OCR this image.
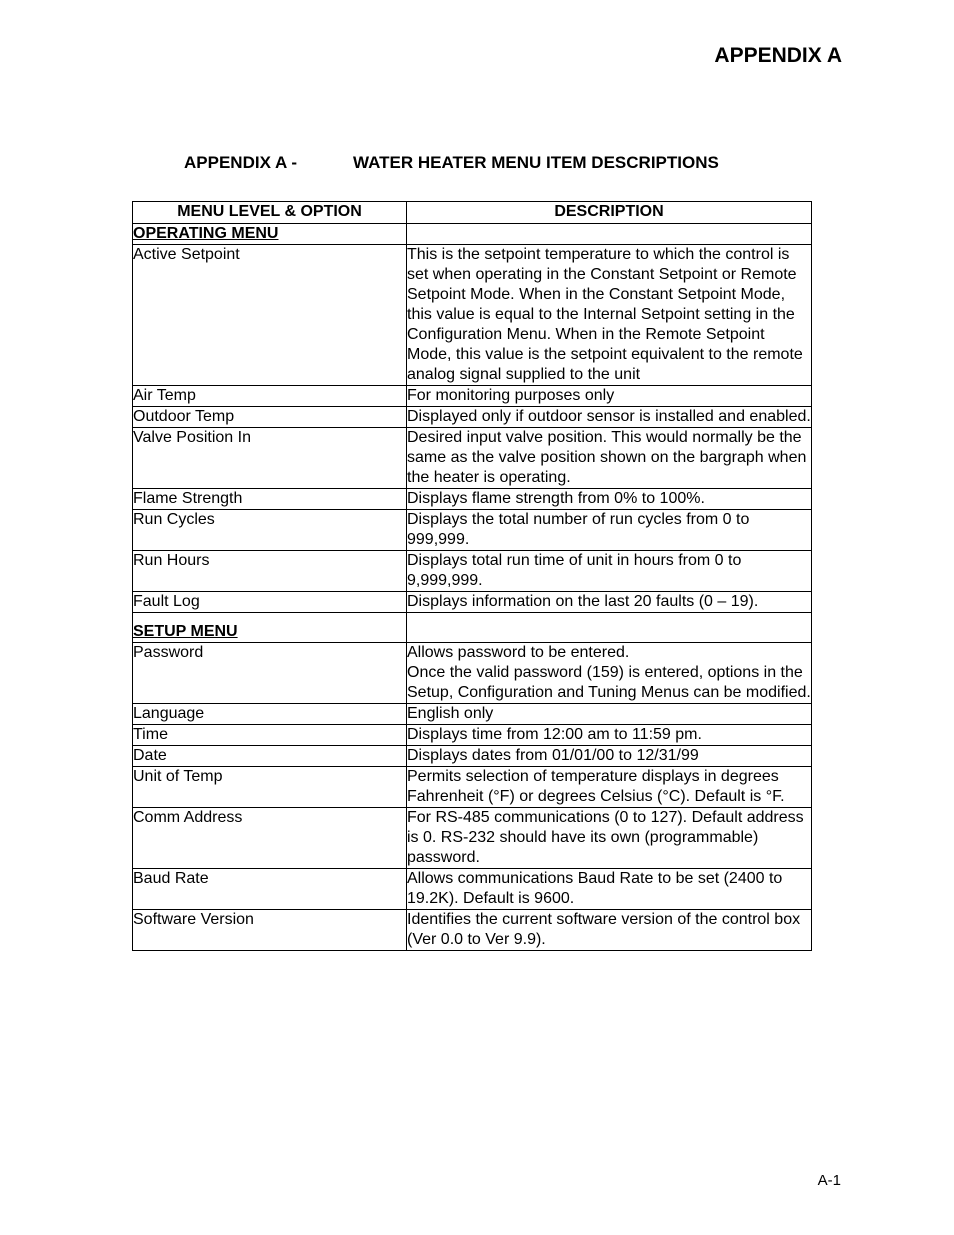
APPENDIX A
APPENDIX A -	WATER HEATER MENU ITEM DESCRIPTIONS
MENU LEVEL & OPTION	DESCRIPTION
OPERATING MENU	
Active Setpoint	This is the setpoint temperature to which the control is set when operating in the Constant Setpoint or Remote Setpoint Mode. When in the Constant Setpoint Mode, this value is equal to the Internal Setpoint setting in the Configuration Menu. When in the Remote Setpoint Mode, this value is the setpoint equivalent to the remote analog signal supplied to the unit
Air Temp	For monitoring purposes only
Outdoor Temp	Displayed only if outdoor sensor is installed and enabled.
Valve Position In	Desired input valve position. This would normally be the same as the valve position shown on the bargraph when the heater is operating.
Flame Strength	Displays flame strength from 0% to 100%.
Run Cycles	Displays the total number of run cycles from 0 to 999,999.
Run Hours	Displays total run time of unit in hours from 0 to 9,999,999.
Fault Log	Displays information on the last 20 faults (0 – 19).
SETUP MENU	
Password	Allows password to be entered.
Once the valid password (159) is entered, options in the Setup, Configuration and Tuning Menus can be modified.

Language	English only
Time	Displays time from 12:00 am to 11:59 pm.
Date	Displays dates from 01/01/00 to 12/31/99
Unit of Temp	Permits selection of temperature displays in degrees Fahrenheit (°F) or degrees Celsius (°C). Default is °F.
Comm Address	For RS-485 communications (0 to 127). Default address is 0. RS-232 should have its own (programmable) password.
Baud Rate	Allows communications Baud Rate to be set (2400 to 19.2K). Default is 9600.
Software Version	Identifies the current software version of the control box (Ver 0.0 to Ver 9.9).

A-1
